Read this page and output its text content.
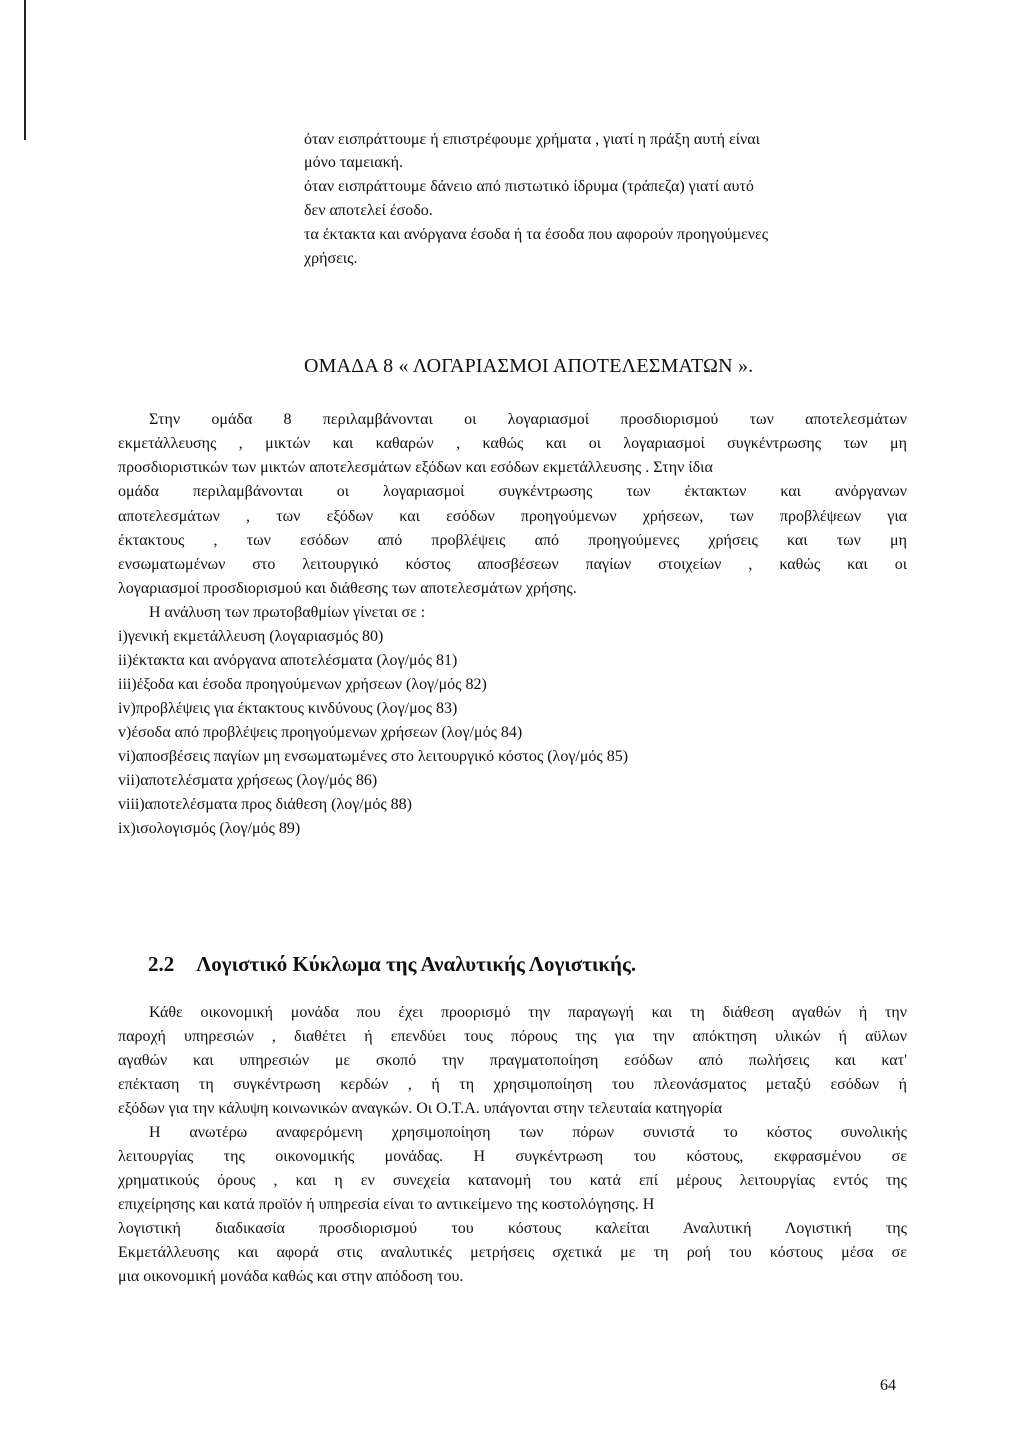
όταν εισπράττουμε ή επιστρέφουμε χρήματα , γιατί η πράξη αυτή είναι
μόνο ταμειακή.
όταν εισπράττουμε δάνειο από πιστωτικό ίδρυμα (τράπεζα) γιατί αυτό
δεν αποτελεί έσοδο.
τα έκτακτα και ανόργανα έσοδα ή τα έσοδα που αφορούν προηγούμενες
χρήσεις.
ΟΜΑΔΑ 8 « ΛΟΓΑΡΙΑΣΜΟΙ ΑΠΟΤΕΛΕΣΜΑΤΩΝ ».
Στην ομάδα 8 περιλαμβάνονται οι λογαριασμοί προσδιορισμού των αποτελεσμάτων
εκμετάλλευσης , μικτών και καθαρών , καθώς και οι λογαριασμοί συγκέντρωσης των μη
προσδιοριστικών των μικτών αποτελεσμάτων εξόδων και εσόδων εκμετάλλευσης . Στην ίδια
ομάδα περιλαμβάνονται οι λογαριασμοί συγκέντρωσης των έκτακτων και ανόργανων
αποτελεσμάτων , των εξόδων και εσόδων προηγούμενων χρήσεων, των προβλέψεων για
έκτακτους , των εσόδων από προβλέψεις από προηγούμενες χρήσεις και των μη
ενσωματωμένων στο λειτουργικό κόστος αποσβέσεων παγίων στοιχείων , καθώς και οι
λογαριασμοί προσδιορισμού και διάθεσης των αποτελεσμάτων χρήσης.
Η ανάλυση των πρωτοβαθμίων γίνεται σε :
i)γενική εκμετάλλευση (λογαριασμός 80)
ii)έκτακτα και ανόργανα αποτελέσματα (λογ/μός 81)
iii)έξοδα και έσοδα προηγούμενων χρήσεων (λογ/μός 82)
iv)προβλέψεις για έκτακτους κινδύνους (λογ/μος 83)
v)έσοδα από προβλέψεις προηγούμενων χρήσεων (λογ/μός 84)
vi)αποσβέσεις παγίων μη ενσωματωμένες στο λειτουργικό κόστος (λογ/μός 85)
vii)αποτελέσματα χρήσεως (λογ/μός 86)
viii)αποτελέσματα προς διάθεση (λογ/μός 88)
ix)ισολογισμός (λογ/μός 89)
2.2 Λογιστικό Κύκλωμα της Αναλυτικής Λογιστικής.
Κάθε οικονομική μονάδα που έχει προορισμό την παραγωγή και τη διάθεση αγαθών ή την
παροχή υπηρεσιών , διαθέτει ή επενδύει τους πόρους της για την απόκτηση υλικών ή αϋλων
αγαθών και υπηρεσιών με σκοπό την πραγματοποίηση εσόδων από πωλήσεις και κατ'
επέκταση τη συγκέντρωση κερδών , ή τη χρησιμοποίηση του πλεονάσματος μεταξύ εσόδων ή
εξόδων για την κάλυψη κοινωνικών αναγκών. Οι Ο.Τ.Α. υπάγονται στην τελευταία κατηγορία
Η ανωτέρω αναφερόμενη χρησιμοποίηση των πόρων συνιστά το κόστος συνολικής
λειτουργίας της οικονομικής μονάδας. Η συγκέντρωση του κόστους, εκφρασμένου σε
χρηματικούς όρους , και η εν συνεχεία κατανομή του κατά επί μέρους λειτουργίας εντός της
επιχείρησης και κατά προϊόν ή υπηρεσία είναι το αντικείμενο της κοστολόγησης. Η
λογιστική διαδικασία προσδιορισμού του κόστους καλείται Αναλυτική Λογιστική της
Εκμετάλλευσης και αφορά στις αναλυτικές μετρήσεις σχετικά με τη ροή του κόστους μέσα σε
μια οικονομική μονάδα καθώς και στην απόδοση του.
64
